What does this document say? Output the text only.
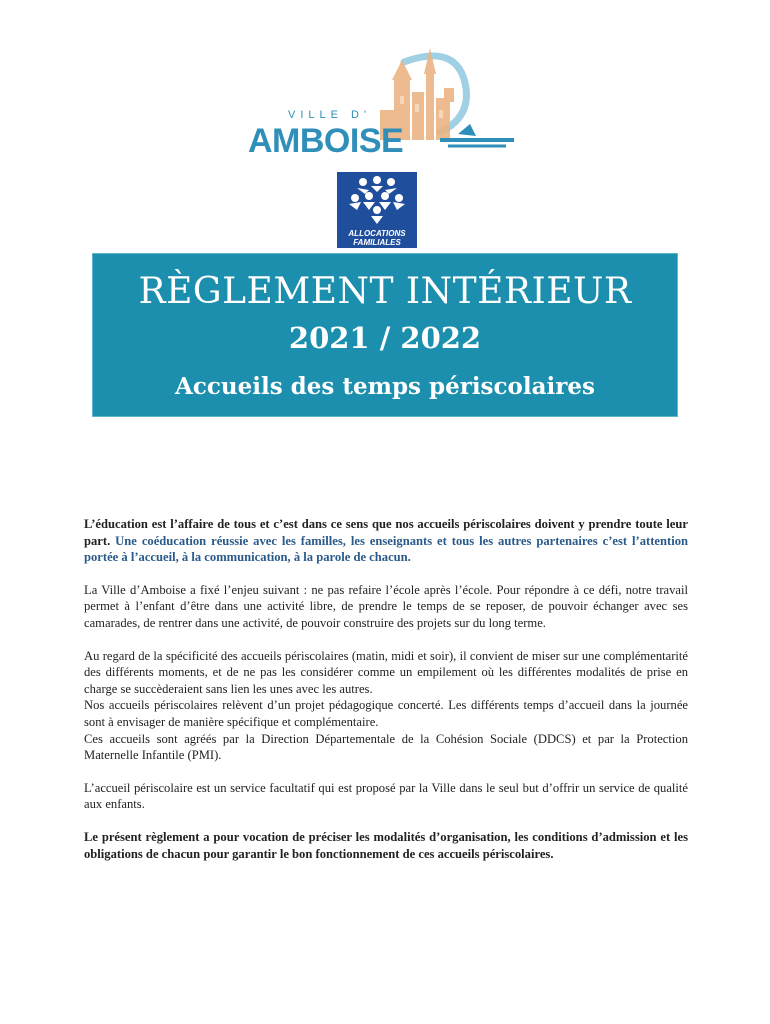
VILLE D'
AMBOISE
ALLOCATIONS
FAMILIALES
RÈGLEMENT INTÉRIEUR
2021 / 2022
Accueils des temps périscolaires

L’éducation est l’affaire de tous et c’est dans ce sens que nos accueils périscolaires doivent y prendre toute leur part. Une coéducation réussie avec les familles, les enseignants et tous les autres partenaires c’est l’attention portée à l’accueil, à la communication, à la parole de chacun.

La Ville d’Amboise a fixé l’enjeu suivant : ne pas refaire l’école après l’école. Pour répondre à ce défi, notre travail permet à l’enfant d’être dans une activité libre, de prendre le temps de se reposer, de pouvoir échanger avec ses camarades, de rentrer dans une activité, de pouvoir construire des projets sur du long terme.

Au regard de la spécificité des accueils périscolaires (matin, midi et soir), il convient de miser sur une complémentarité des différents moments, et de ne pas les considérer comme un empilement où les différentes modalités de prise en charge se succèderaient sans lien les unes avec les autres.

Nos accueils périscolaires relèvent d’un projet pédagogique concerté. Les différents temps d’accueil dans la journée sont à envisager de manière spécifique et complémentaire.

Ces accueils sont agréés par la Direction Départementale de la Cohésion Sociale (DDCS) et par la Protection Maternelle Infantile (PMI).

L’accueil périscolaire est un service facultatif qui est proposé par la Ville dans le seul but d’offrir un service de qualité aux enfants.

Le présent règlement a pour vocation de préciser les modalités d’organisation, les conditions d’admission et les obligations de chacun pour garantir le bon fonctionnement de ces accueils périscolaires.
